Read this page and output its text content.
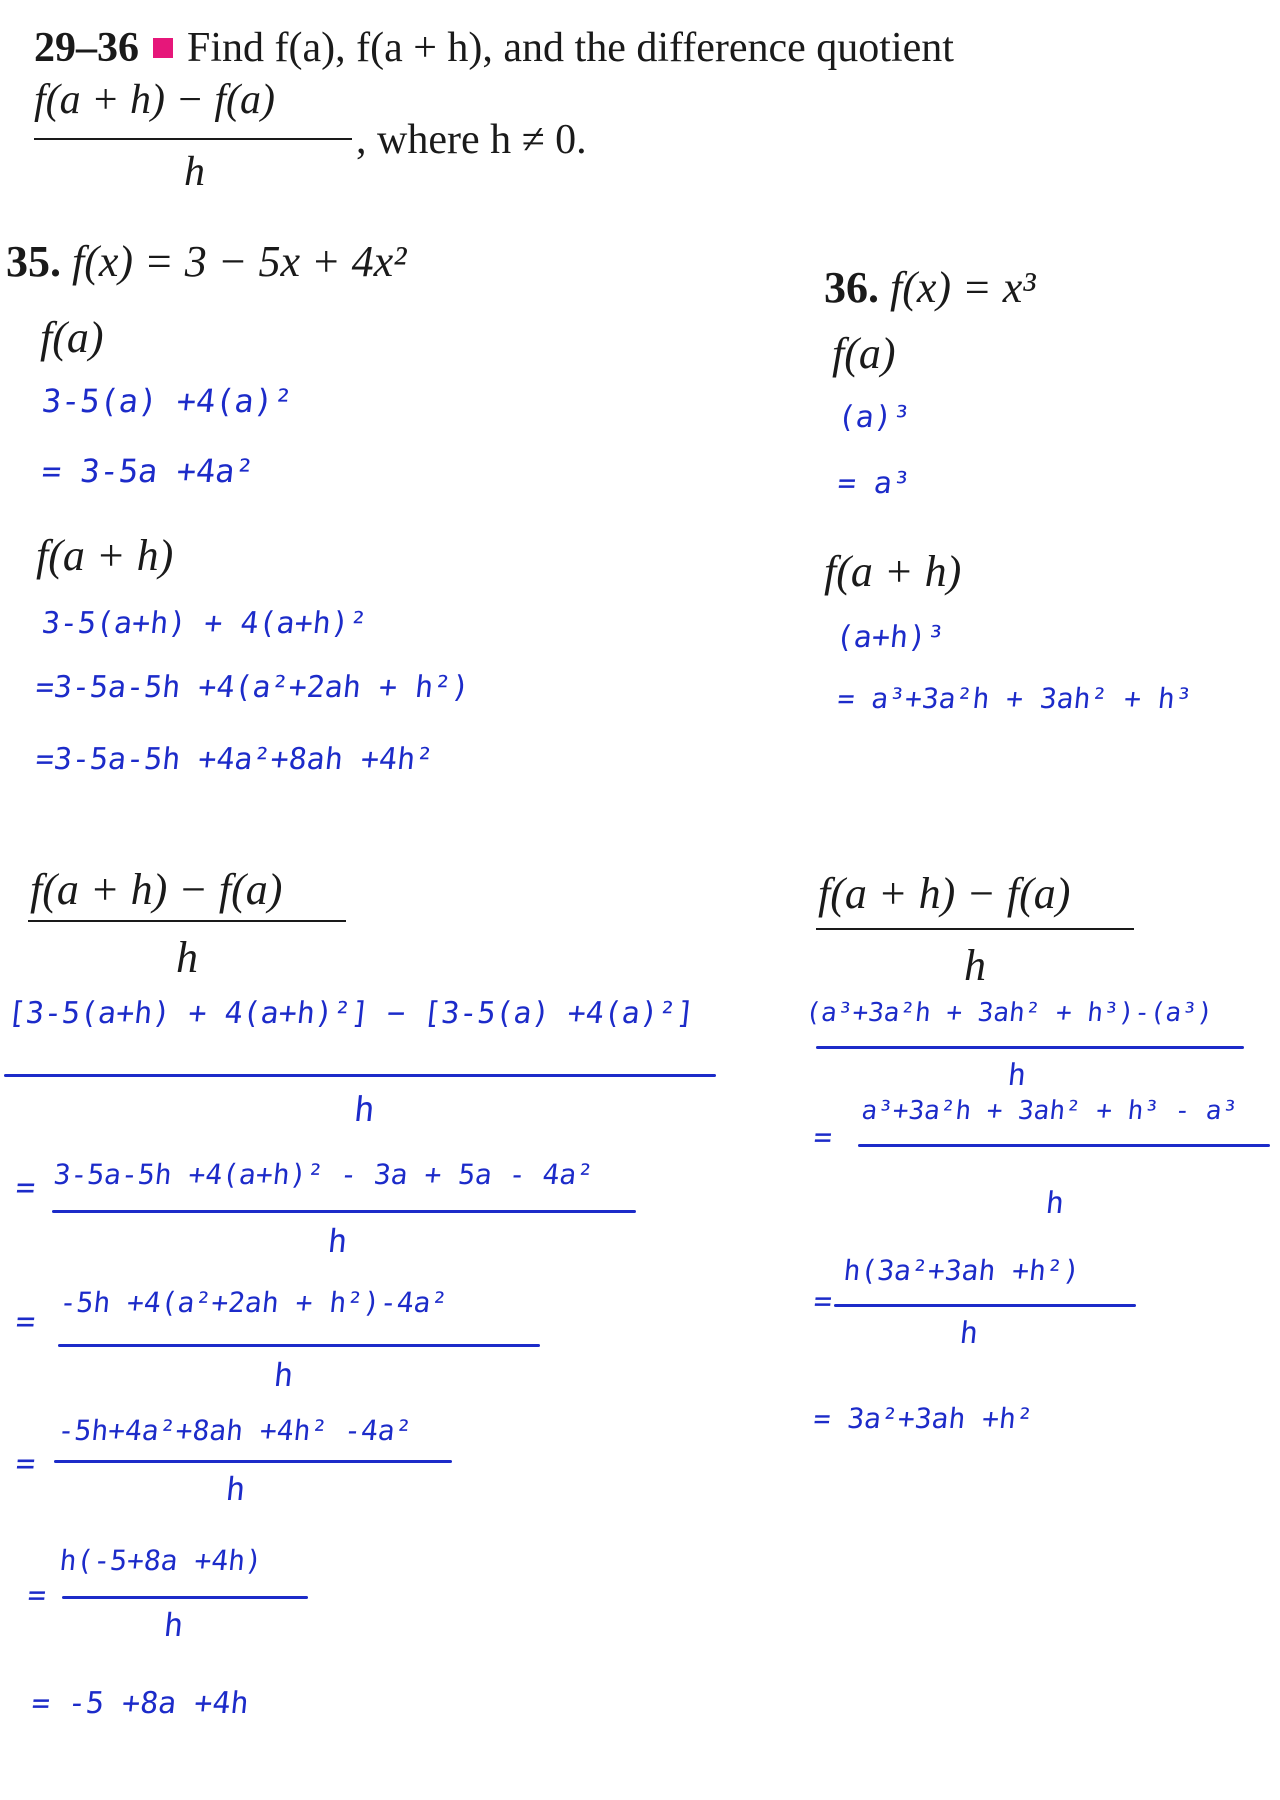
29–36 Find f(a), f(a + h), and the difference quotient
f(a + h) − f(a)
h
, where h ≠ 0.
35. f(x) = 3 − 5x + 4x²
f(a)
3-5(a) +4(a)²
= 3-5a +4a²
f(a + h)
3-5(a+h) + 4(a+h)²
=3-5a-5h +4(a²+2ah + h²)
=3-5a-5h +4a²+8ah +4h²
f(a + h) − f(a)
h
[3-5(a+h) + 4(a+h)²] − [3-5(a) +4(a)²]
h
= 3-5a-5h +4(a+h)² - 3a + 5a - 4a²
h
= -5h +4(a²+2ah + h²)-4a²
h
=
-5h+4a²+8ah +4h² -4a²
h
=
h(-5+8a +4h)
h
= -5 +8a +4h
36. f(x) = x³
f(a)
(a)³
= a³
f(a + h)
(a+h)³
= a³+3a²h + 3ah² + h³
f(a + h) − f(a)
h
(a³+3a²h + 3ah² + h³)-(a³)
h
=
a³+3a²h + 3ah² + h³ - a³
h
=
h(3a²+3ah +h²)
h
= 3a²+3ah +h²
